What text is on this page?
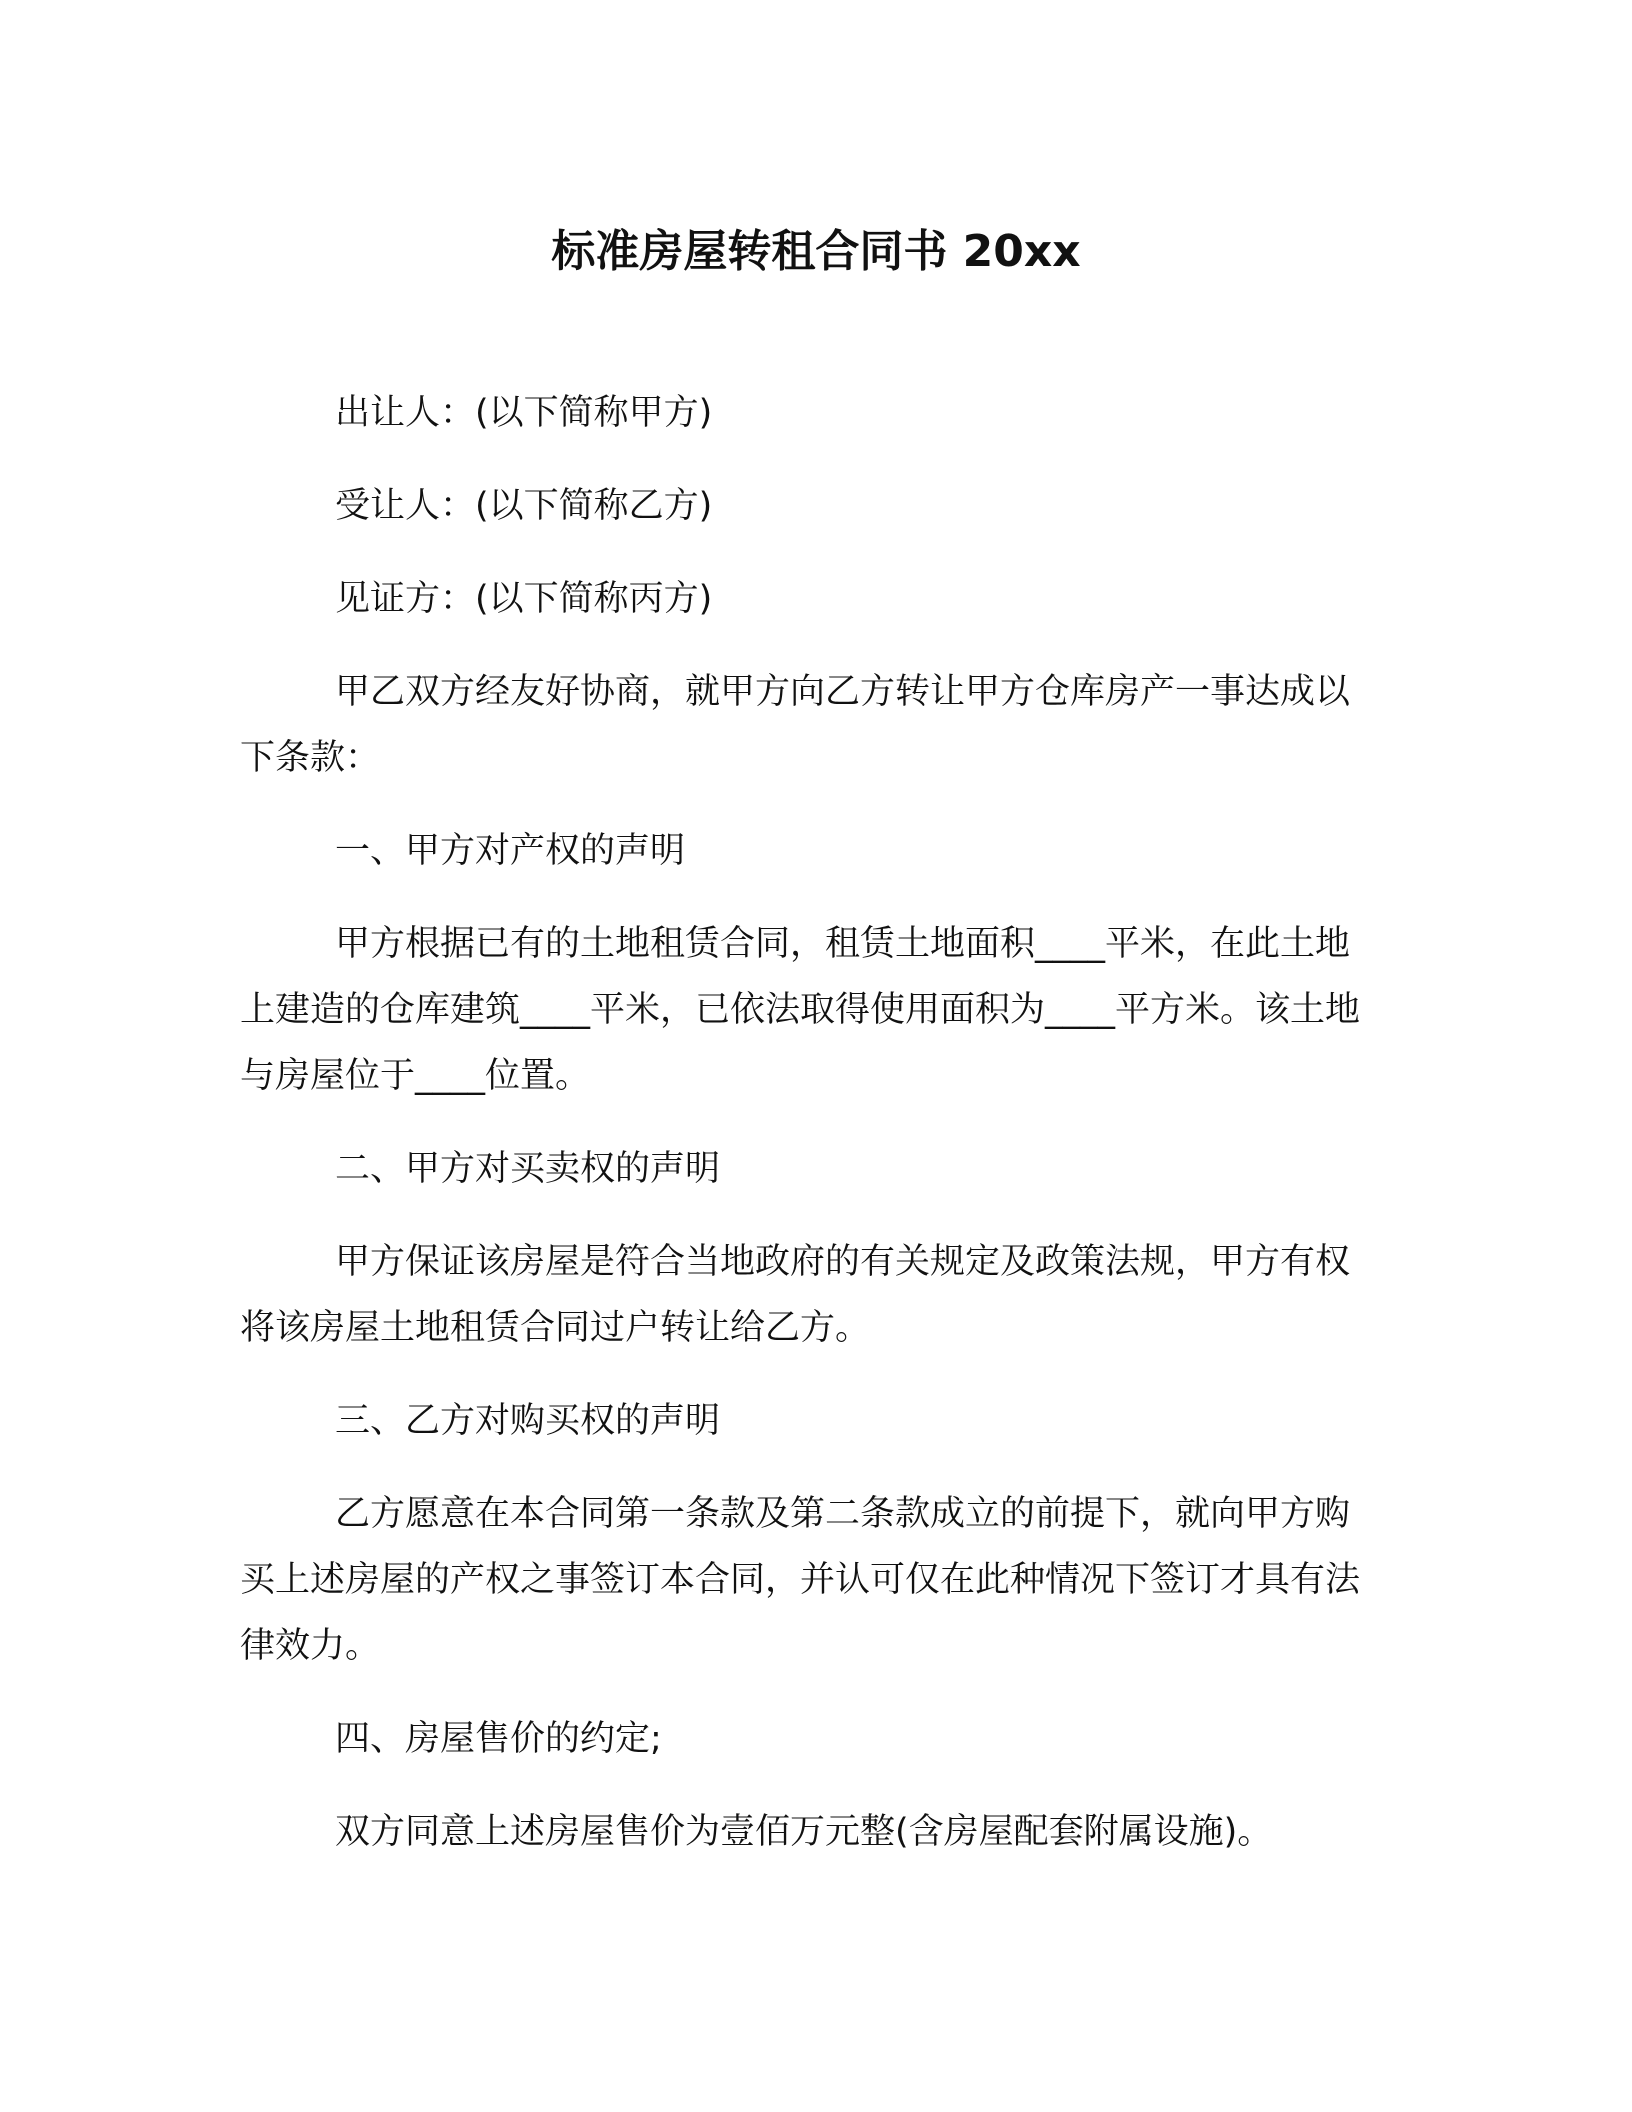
标准房屋转租合同书 20xx

出让人：(以下简称甲方)

受让人：(以下简称乙方)

见证方：(以下简称丙方)

甲乙双方经友好协商，就甲方向乙方转让甲方仓库房产一事达成以下条款：

一、甲方对产权的声明

甲方根据已有的土地租赁合同，租赁土地面积____平米，在此土地上建造的仓库建筑____平米，已依法取得使用面积为____平方米。该土地与房屋位于____位置。

二、甲方对买卖权的声明

甲方保证该房屋是符合当地政府的有关规定及政策法规，甲方有权将该房屋土地租赁合同过户转让给乙方。

三、乙方对购买权的声明

乙方愿意在本合同第一条款及第二条款成立的前提下，就向甲方购买上述房屋的产权之事签订本合同，并认可仅在此种情况下签订才具有法律效力。

四、房屋售价的约定;

双方同意上述房屋售价为壹佰万元整(含房屋配套附属设施)。
